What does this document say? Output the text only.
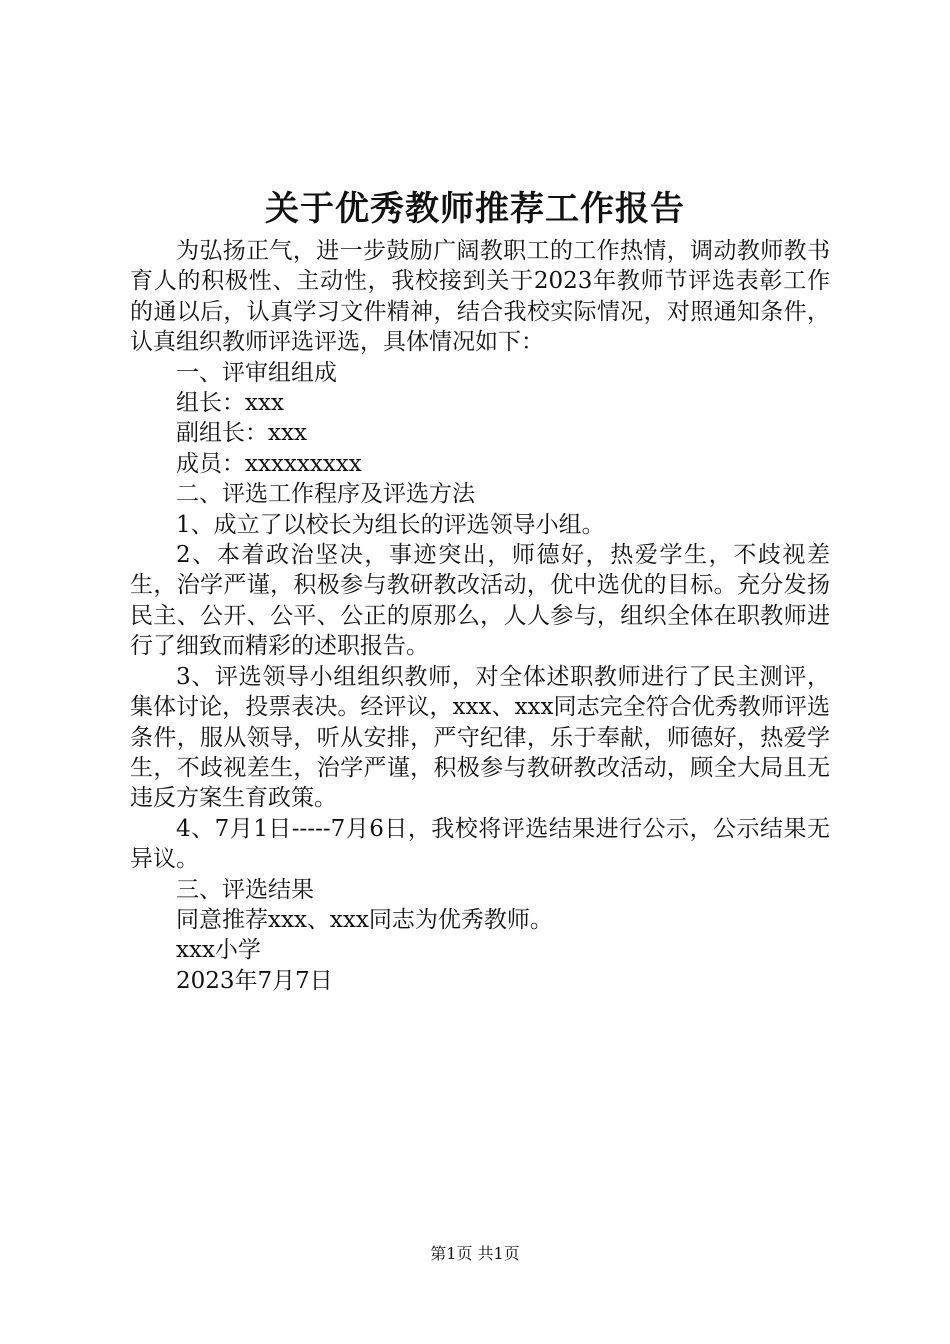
关于优秀教师推荐工作报告

为弘扬正气，进一步鼓励广阔教职工的工作热情，调动教师教书育人的积极性、主动性，我校接到关于2023年教师节评选表彰工作的通以后，认真学习文件精神，结合我校实际情况，对照通知条件，认真组织教师评选评选，具体情况如下：

一、评审组组成

组长：xxx

副组长：xxx

成员：xxxxxxxxx

二、评选工作程序及评选方法

1、成立了以校长为组长的评选领导小组。

2、本着政治坚决，事迹突出，师德好，热爱学生，不歧视差生，治学严谨，积极参与教研教改活动，优中选优的目标。充分发扬民主、公开、公平、公正的原那么，人人参与，组织全体在职教师进行了细致而精彩的述职报告。

3、评选领导小组组织教师，对全体述职教师进行了民主测评，集体讨论，投票表决。经评议，xxx、xxx同志完全符合优秀教师评选条件，服从领导，听从安排，严守纪律，乐于奉献，师德好，热爱学生，不歧视差生，治学严谨，积极参与教研教改活动，顾全大局且无违反方案生育政策。

4、7月1日-----7月6日，我校将评选结果进行公示，公示结果无异议。

三、评选结果

同意推荐xxx、xxx同志为优秀教师。

xxx小学

2023年7月7日

第1页 共1页
